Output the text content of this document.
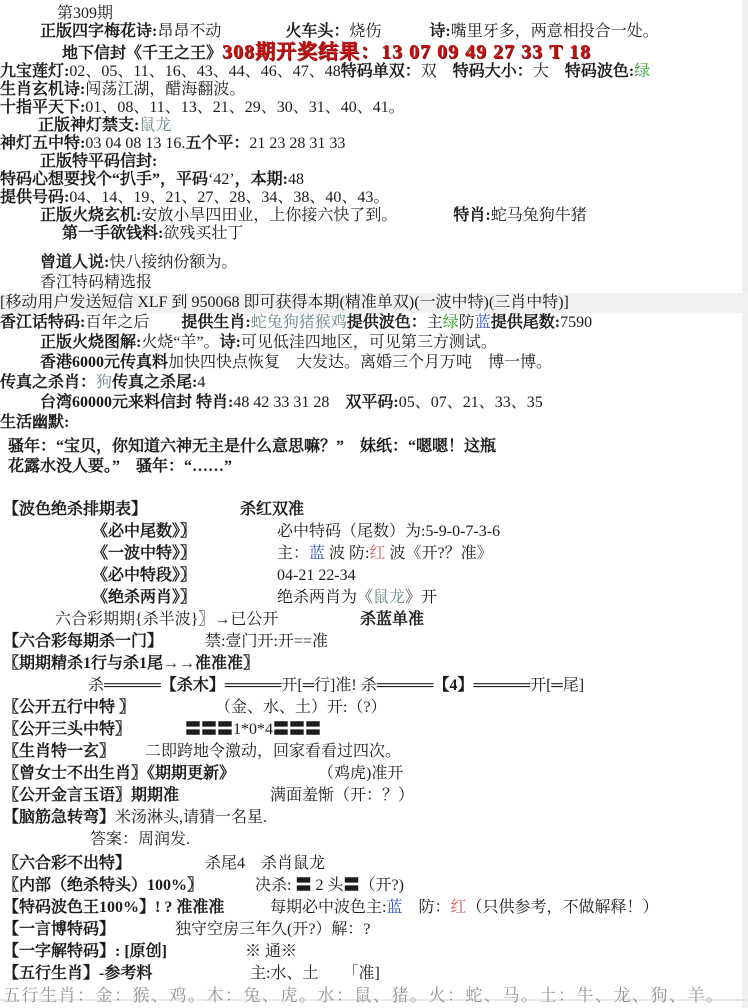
第309期
正版四字梅花诗:昂昂不动　　　　火车头：烧伤　　　诗:嘴里牙多，两意相投合一处。
地下信封《千王之王》308期开奖结果：13 07 09 49 27 33 T 18
九宝莲灯:02、05、11、16、43、44、46、47、48特码单双：双　特码大小：大　特码波色:绿
生肖玄机诗:闯荡江湖，醋海翻波。
十指平天下:01、08、11、13、21、29、30、31、40、41。
正版神灯禁支:鼠龙
神灯五中特:03 04 08 13 16.五个平：21 23 28 31 33
正版特平码信封:
特码心想要找个“扒手”，平码‘42’，本期:48
提供号码:04、14、19、21、27、28、34、38、40、43。
正版火烧玄机:安放小旱四田业，上你接六快了到。　　　　特肖:蛇马兔狗牛猪
第一手欲钱料:欲残买壮丁
曾道人说:快八接纳份额为。
香江特码精选报
[移动用户发送短信 XLF 到 950068 即可获得本期(精准单双)(一波中特)(三肖中特)]
香江话特码:百年之后　　提供生肖:蛇兔狗猪猴鸡提供波色：主绿防蓝提供尾数:7590
正版火烧图解:火烧“羊”。诗:可见低洼四地区，可见第三方测试。
香港6000元传真料加快四快点恢复　大发达。离婚三个月万吨　博一博。
传真之杀肖：狗传真之杀尾:4
台湾60000元来料信封 特肖:48 42 33 31 28　双平码:05、07、21、33、35
生活幽默:
骚年：“宝贝，你知道六神无主是什么意思嘛？”　妹纸：“嗯嗯！这瓶
花露水没人要。”　骚年：“……”
【波色绝杀排期表】	杀红双准
《必中尾数》〗	必中特码（尾数）为:5-9-0-7-3-6
《一波中特》〗	主：蓝 波 防:红 波《开?？准》
《必中特段》〗	04-21 22-34
《绝杀两肖》〗	绝杀两肖为《鼠龙》开
六合彩期期{杀半波}〗→已公开	杀蓝单准
【六合彩每期杀一门】	禁:壹门开:开==准
〖期期精杀1行与杀1尾→→准准准〗
杀═════【杀木】═════开[═行]准! 杀═════【4】═════开[═尾]
〖公开五行中特 〗	（金、水、土）开:（?）
〖公开三头中特〗	〓〓〓1*0*4〓〓〓
〖生肖特一玄〗 二即跨地令激动，回家看看过四次。
〖曾女士不出生肖〗《期期更新》	（鸡虎)准开
〖公开金言玉语〗期期准	满面羞惭（开：？）
【脑筋急转弯】米汤淋头,请猜一名星.
答案：周润发.
〖六合彩不出特】	杀尾4　杀肖鼠龙
〖内部（绝杀特头）100%〗	决杀: 〓 2 头〓（开?)
【特码波色王100%】! ? 准准准	每期必中波色主:蓝　防：红（只供参考，不做解释！）
【一言博特码】	独守空房三年久(开?）解：?
【一字解特码】: [原创]	※ 通※
【五行生肖】-参考料	主:水、土　　「准]
五行生肖：金：猴、鸡。木：兔、虎。水：鼠、猪。火：蛇、马。土：牛、龙、狗、羊。
